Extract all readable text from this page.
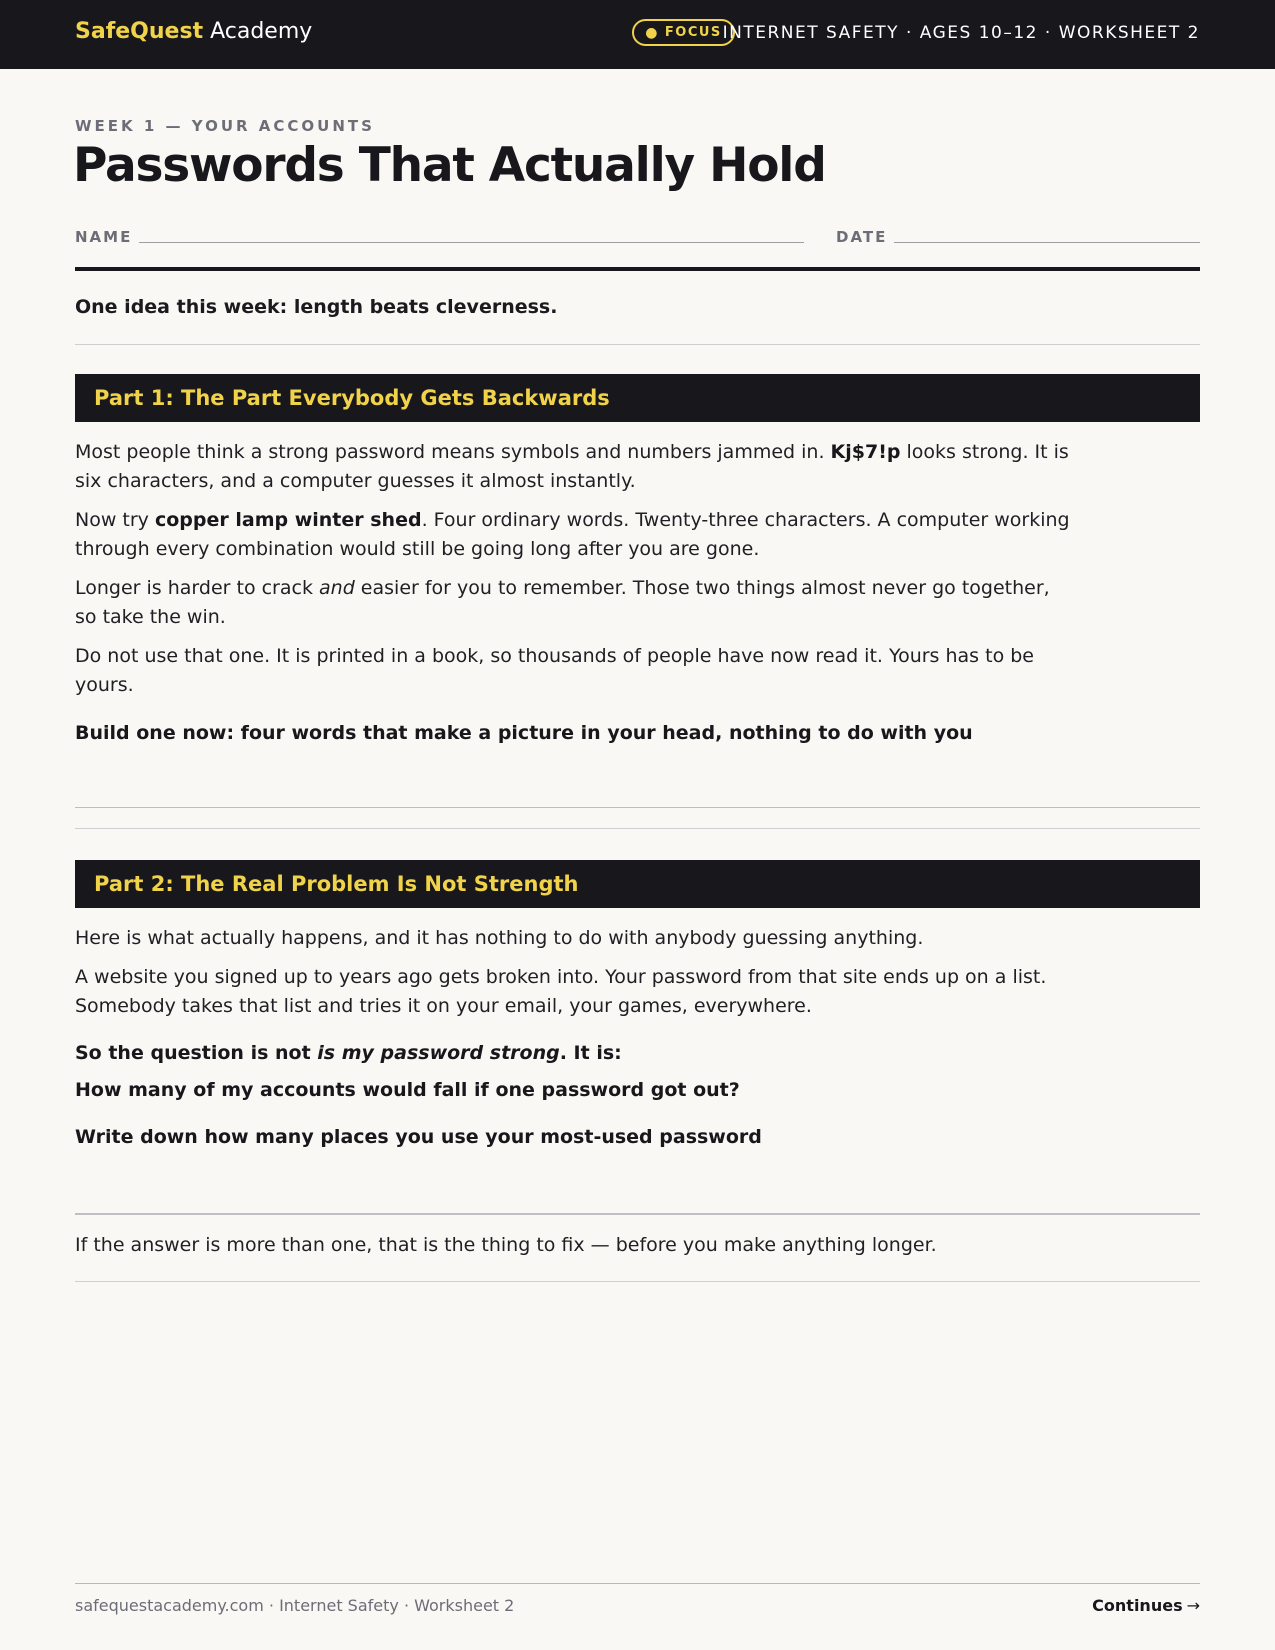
SafeQuest Academy	● FOCUS INTERNET SAFETY · AGES 10–12 · WORKSHEET 2
WEEK 1 — YOUR ACCOUNTS
Passwords That Actually Hold
NAME	DATE
One idea this week: length beats cleverness.
Part 1: The Part Everybody Gets Backwards
Most people think a strong password means symbols and numbers jammed in. Kj$7!p looks strong. It is six characters, and a computer guesses it almost instantly.
Now try copper lamp winter shed. Four ordinary words. Twenty-three characters. A computer working through every combination would still be going long after you are gone.
Longer is harder to crack and easier for you to remember. Those two things almost never go together, so take the win.
Do not use that one. It is printed in a book, so thousands of people have now read it. Yours has to be yours.
Build one now: four words that make a picture in your head, nothing to do with you
Part 2: The Real Problem Is Not Strength
Here is what actually happens, and it has nothing to do with anybody guessing anything.
A website you signed up to years ago gets broken into. Your password from that site ends up on a list. Somebody takes that list and tries it on your email, your games, everywhere.
So the question is not is my password strong. It is:
How many of my accounts would fall if one password got out?
Write down how many places you use your most-used password
If the answer is more than one, that is the thing to fix — before you make anything longer.
safequestacademy.com · Internet Safety · Worksheet 2	Continues →
